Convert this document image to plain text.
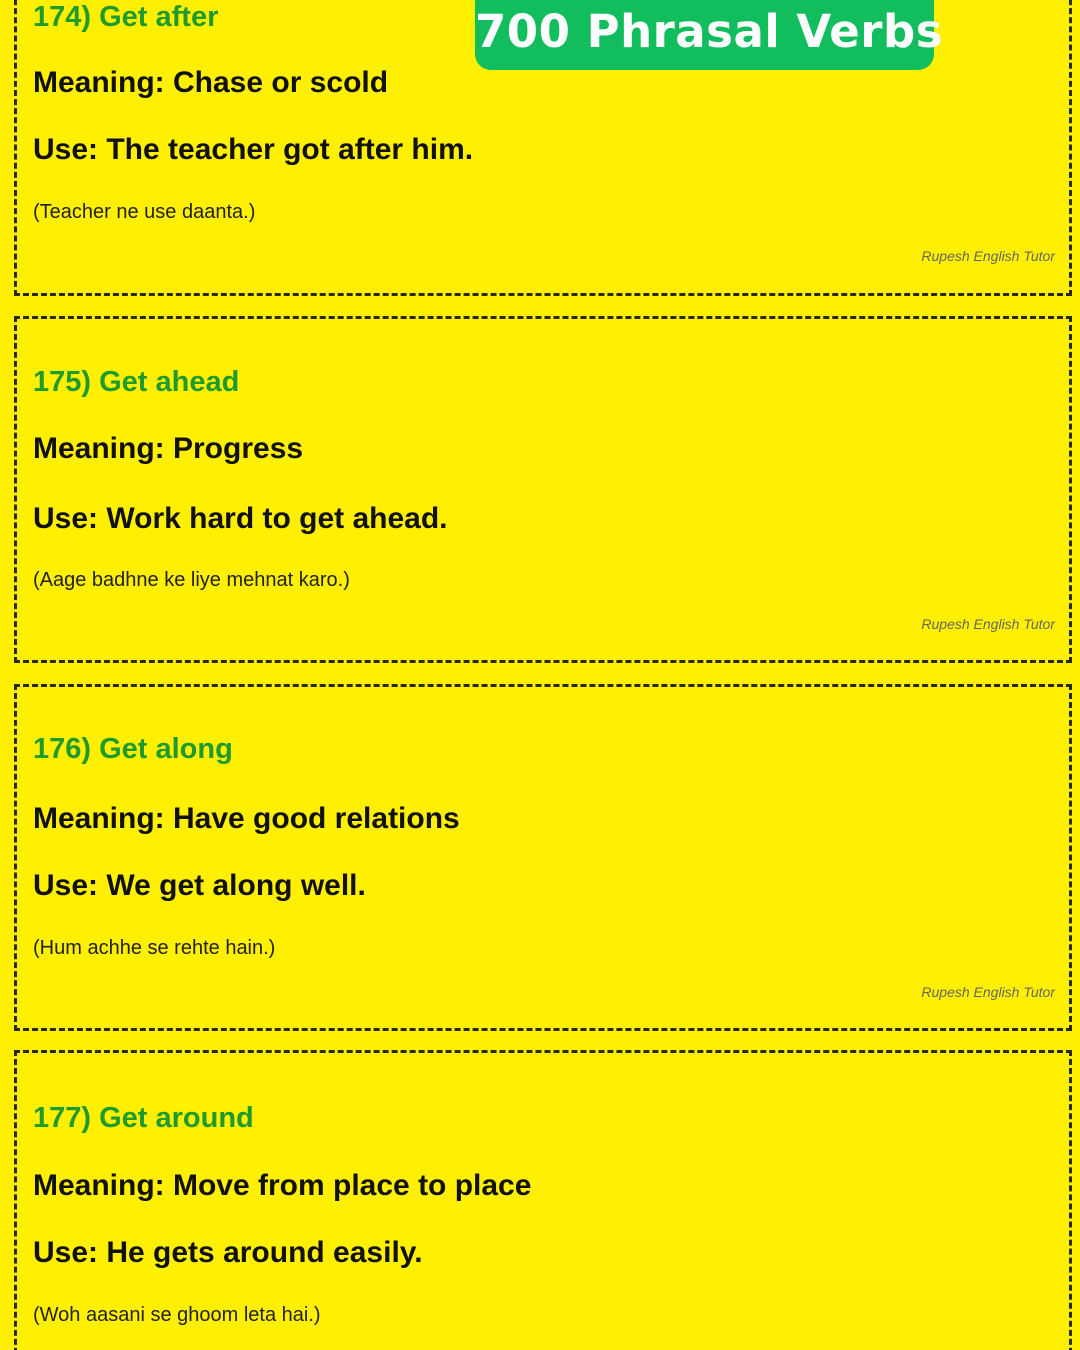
174) Get after
Meaning: Chase or scold
Use: The teacher got after him.
(Teacher ne use daanta.)
Rupesh English Tutor
175) Get ahead
Meaning: Progress
Use: Work hard to get ahead.
(Aage badhne ke liye mehnat karo.)
Rupesh English Tutor
176) Get along
Meaning: Have good relations
Use: We get along well.
(Hum achhe se rehte hain.)
Rupesh English Tutor
177) Get around
Meaning: Move from place to place
Use: He gets around easily.
(Woh aasani se ghoom leta hai.)
700 Phrasal Verbs
